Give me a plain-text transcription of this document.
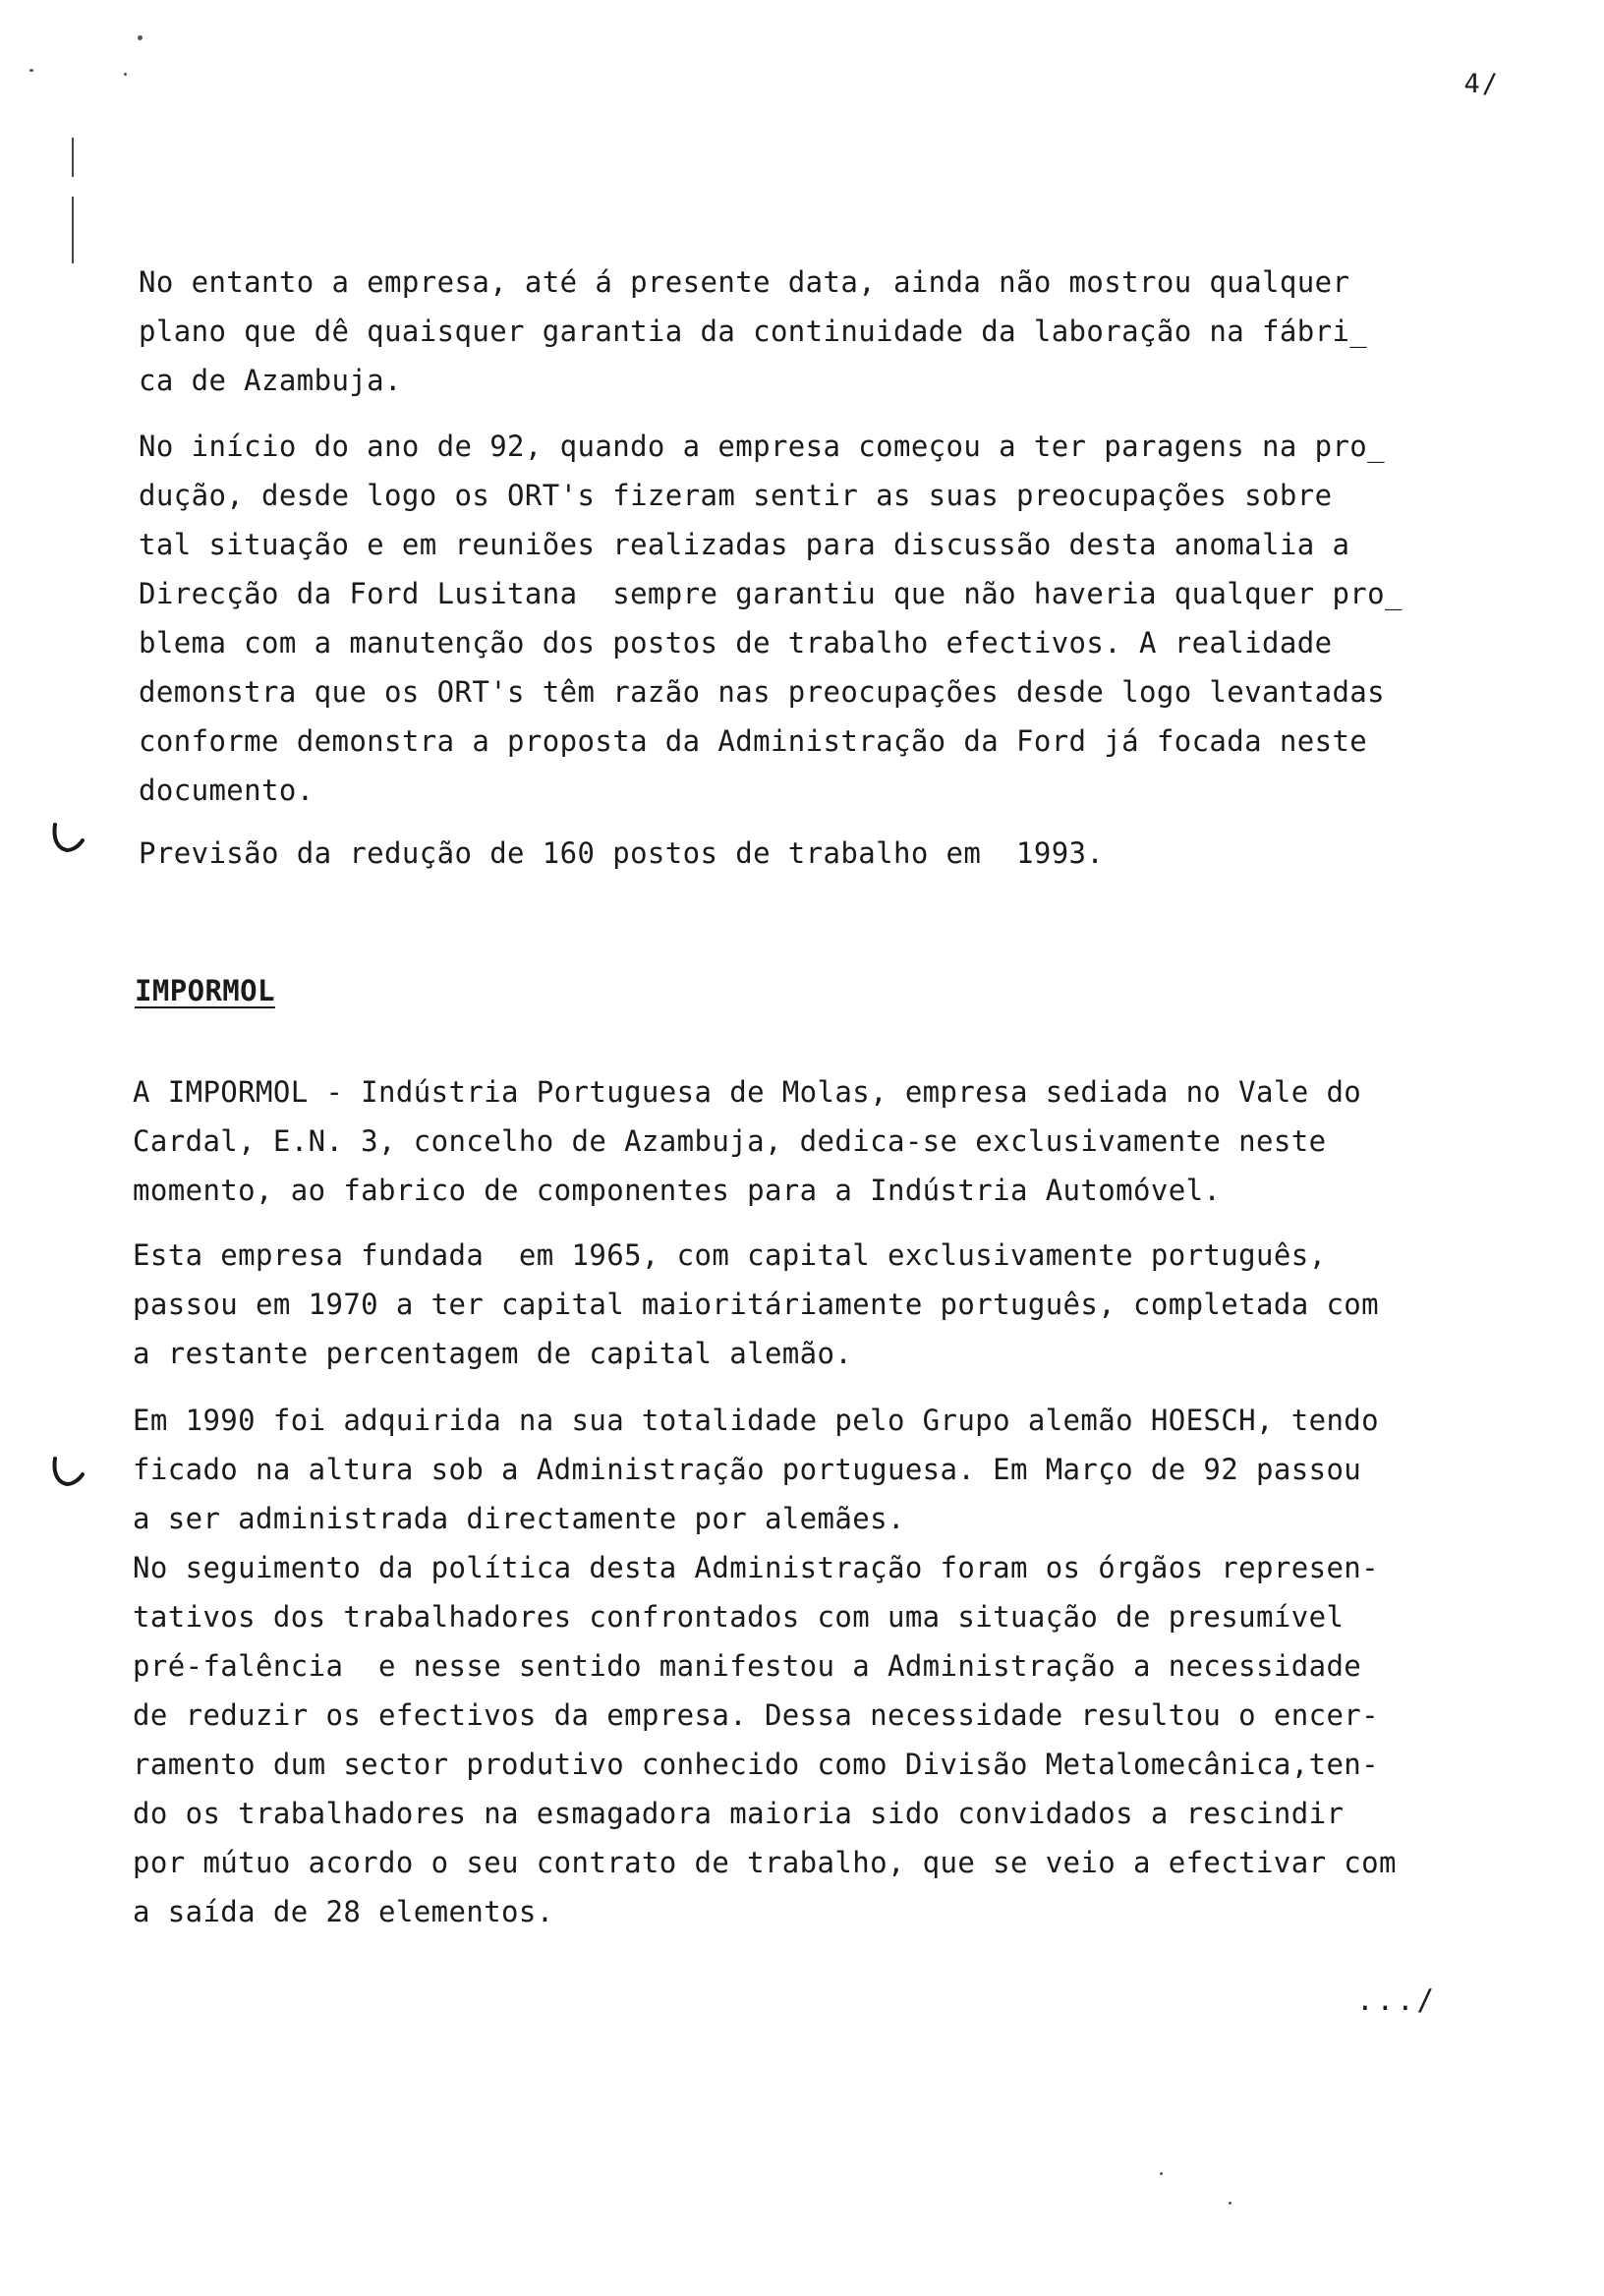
4/

No entanto a empresa, até á presente data, ainda não mostrou qualquer
plano que dê quaisquer garantia da continuidade da laboração na fábri_
ca de Azambuja.

No início do ano de 92, quando a empresa começou a ter paragens na pro_
dução, desde logo os ORT's fizeram sentir as suas preocupações sobre
tal situação e em reuniões realizadas para discussão desta anomalia a
Direcção da Ford Lusitana  sempre garantiu que não haveria qualquer pro_
blema com a manutenção dos postos de trabalho efectivos. A realidade
demonstra que os ORT's têm razão nas preocupações desde logo levantadas
conforme demonstra a proposta da Administração da Ford já focada neste
documento.

Previsão da redução de 160 postos de trabalho em  1993.

IMPORMOL

A IMPORMOL - Indústria Portuguesa de Molas, empresa sediada no Vale do
Cardal, E.N. 3, concelho de Azambuja, dedica-se exclusivamente neste
momento, ao fabrico de componentes para a Indústria Automóvel.

Esta empresa fundada  em 1965, com capital exclusivamente português,
passou em 1970 a ter capital maioritáriamente português, completada com
a restante percentagem de capital alemão.

Em 1990 foi adquirida na sua totalidade pelo Grupo alemão HOESCH, tendo
ficado na altura sob a Administração portuguesa. Em Março de 92 passou
a ser administrada directamente por alemães.
No seguimento da política desta Administração foram os órgãos represen-
tativos dos trabalhadores confrontados com uma situação de presumível
pré-falência  e nesse sentido manifestou a Administração a necessidade
de reduzir os efectivos da empresa. Dessa necessidade resultou o encer-
ramento dum sector produtivo conhecido como Divisão Metalomecânica,ten-
do os trabalhadores na esmagadora maioria sido convidados a rescindir
por mútuo acordo o seu contrato de trabalho, que se veio a efectivar com
a saída de 28 elementos.

.../
